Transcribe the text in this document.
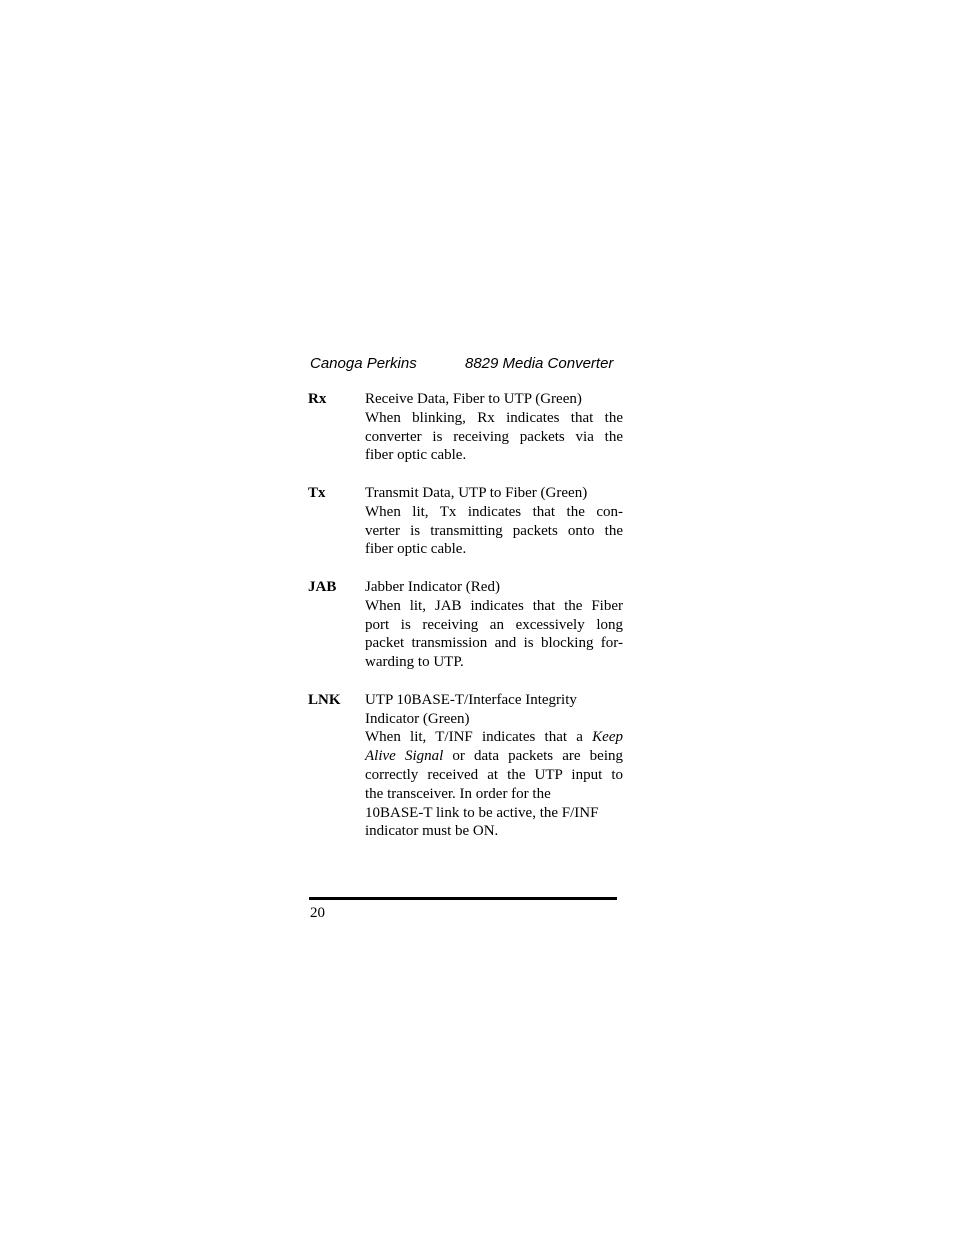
Canoga Perkins	8829 Media Converter
Rx	Receive Data, Fiber to UTP (Green)
When blinking, Rx indicates that the
converter is receiving packets via the
fiber optic cable.
Tx	Transmit Data, UTP to Fiber (Green)
When lit, Tx indicates that the con-
verter is transmitting packets onto the
fiber optic cable.
JAB Jabber Indicator (Red)
When lit, JAB indicates that the Fiber
port is receiving an excessively long
packet transmission and is blocking for-
warding to UTP.
LNK UTP 10BASE-T/Interface Integrity
Indicator (Green)
When lit, T/INF indicates that a Keep
Alive Signal or data packets are being
correctly received at the UTP input to
the transceiver. In order for the
10BASE-T link to be active, the F/INF
indicator must be ON.
20
